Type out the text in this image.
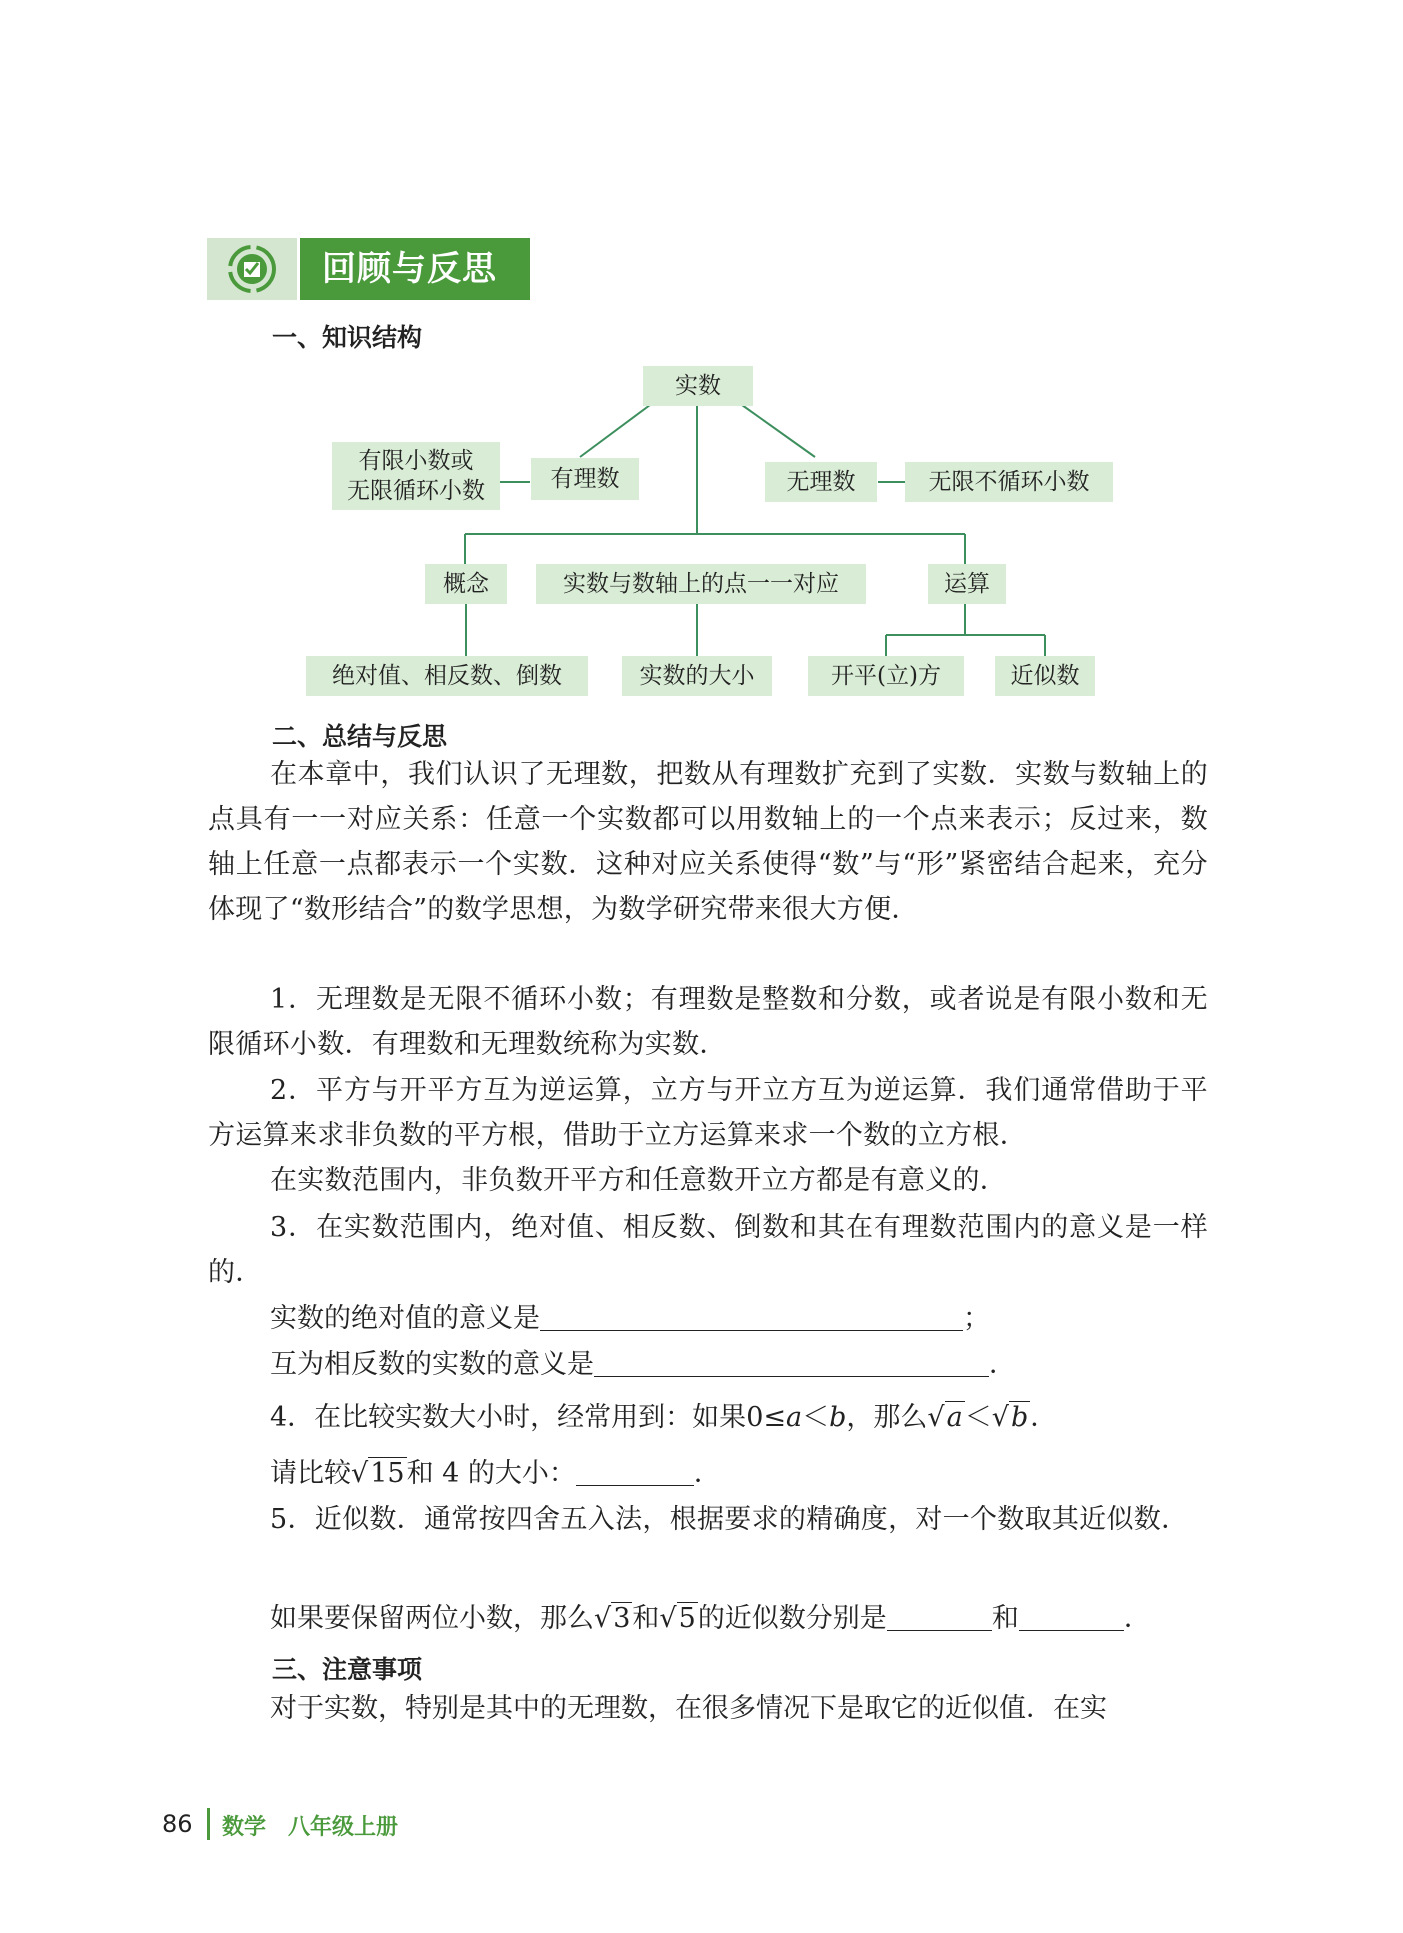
回顾与反思
一、知识结构
实数
有限小数或
无限循环小数	有理数	无理数	无限不循环小数
概念	实数与数轴上的点一一对应	运算
绝对值、相反数、倒数	实数的大小	开平(立)方	近似数
二、总结与反思
在本章中，我们认识了无理数，把数从有理数扩充到了实数．实数与数轴上的点具有一一对应关系：任意一个实数都可以用数轴上的一个点来表示；反过来，数轴上任意一点都表示一个实数．这种对应关系使得“数”与“形”紧密结合起来，充分体现了“数形结合”的数学思想，为数学研究带来很大方便．
1．无理数是无限不循环小数；有理数是整数和分数，或者说是有限小数和无限循环小数．有理数和无理数统称为实数．
2．平方与开平方互为逆运算，立方与开立方互为逆运算．我们通常借助于平方运算来求非负数的平方根，借助于立方运算来求一个数的立方根．
在实数范围内，非负数开平方和任意数开立方都是有意义的．
3．在实数范围内，绝对值、相反数、倒数和其在有理数范围内的意义是一样的．
实数的绝对值的意义是	；
互为相反数的实数的意义是	．
4．在比较实数大小时，经常用到：如果0≤a＜b，那么√a＜√b．
请比较√15和 4 的大小：	．
5．近似数．通常按四舍五入法，根据要求的精确度，对一个数取其近似数．
如果要保留两位小数，那么√3和√5的近似数分别是	和	．
三、注意事项
对于实数，特别是其中的无理数，在很多情况下是取它的近似值．在实
86 数学　八年级上册
